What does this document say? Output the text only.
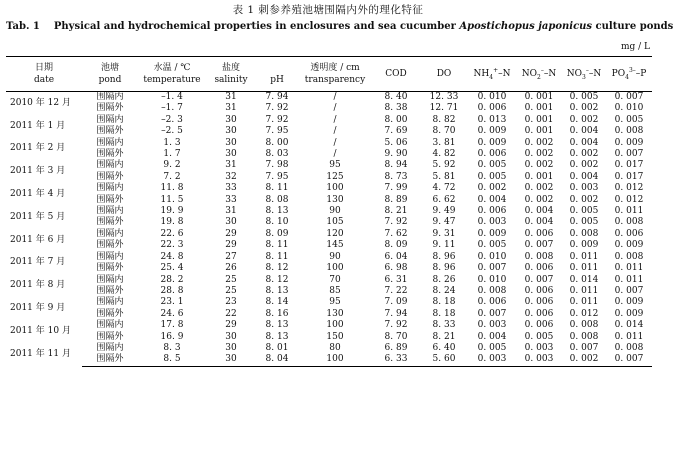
表 1 刺参养殖池塘围隔内外的理化特征
Tab. 1 Physical and hydrochemical properties in enclosures and sea cucumber Apostichopus japonicus culture ponds
mg / L
日期
date	池塘
pond	水温 / ℃
temperature	盐度
salinity	pH	透明度 / cm
transparency	COD	DO	$NH_4^+-N$	$NO_2^--N$	$NO_3^--N$	$PO_4^{3-}-P$
2010 年 12 月	围隔内	–1. 4	31	7. 94	/	8. 40	12. 33	0. 010	0. 001	0. 005	0. 007
	围隔外	–1. 7	31	7. 92	/	8. 38	12. 71	0. 006	0. 001	0. 002	0. 010
2011 年 1 月	围隔内	–2. 3	30	7. 92	/	8. 00	8. 82	0. 013	0. 001	0. 002	0. 005
	围隔外	–2. 5	30	7. 95	/	7. 69	8. 70	0. 009	0. 001	0. 004	0. 008
2011 年 2 月	围隔内	1. 3	30	8. 00	/	5. 06	3. 81	0. 009	0. 002	0. 004	0. 009
	围隔外	1. 7	30	8. 03	/	9. 90	4. 82	0. 006	0. 002	0. 002	0. 007
2011 年 3 月	围隔内	9. 2	31	7. 98	95	8. 94	5. 92	0. 005	0. 002	0. 002	0. 017
	围隔外	7. 2	32	7. 95	125	8. 73	5. 81	0. 005	0. 001	0. 004	0. 017
2011 年 4 月	围隔内	11. 8	33	8. 11	100	7. 99	4. 72	0. 002	0. 002	0. 003	0. 012
	围隔外	11. 5	33	8. 08	130	8. 89	6. 62	0. 004	0. 002	0. 002	0. 012
2011 年 5 月	围隔内	19. 9	31	8. 13	90	8. 21	9. 49	0. 006	0. 004	0. 005	0. 011
	围隔外	19. 8	30	8. 10	105	7. 92	9. 47	0. 003	0. 004	0. 005	0. 008
2011 年 6 月	围隔内	22. 6	29	8. 09	120	7. 62	9. 31	0. 009	0. 006	0. 008	0. 006
	围隔外	22. 3	29	8. 11	145	8. 09	9. 11	0. 005	0. 007	0. 009	0. 009
2011 年 7 月	围隔内	24. 8	27	8. 11	90	6. 04	8. 96	0. 010	0. 008	0. 011	0. 008
	围隔外	25. 4	26	8. 12	100	6. 98	8. 96	0. 007	0. 006	0. 011	0. 011
2011 年 8 月	围隔内	28. 2	25	8. 12	70	6. 31	8. 26	0. 010	0. 007	0. 014	0. 011
	围隔外	28. 8	25	8. 13	85	7. 22	8. 24	0. 008	0. 006	0. 011	0. 007
2011 年 9 月	围隔内	23. 1	23	8. 14	95	7. 09	8. 18	0. 006	0. 006	0. 011	0. 009
	围隔外	24. 6	22	8. 16	130	7. 94	8. 18	0. 007	0. 006	0. 012	0. 009
2011 年 10 月	围隔内	17. 8	29	8. 13	100	7. 92	8. 33	0. 003	0. 006	0. 008	0. 014
	围隔外	16. 9	30	8. 13	150	8. 70	8. 21	0. 004	0. 005	0. 008	0. 011
2011 年 11 月	围隔内	8. 3	30	8. 01	80	6. 89	6. 40	0. 005	0. 003	0. 007	0. 008
	围隔外	8. 5	30	8. 04	100	6. 33	5. 60	0. 003	0. 003	0. 002	0. 007
